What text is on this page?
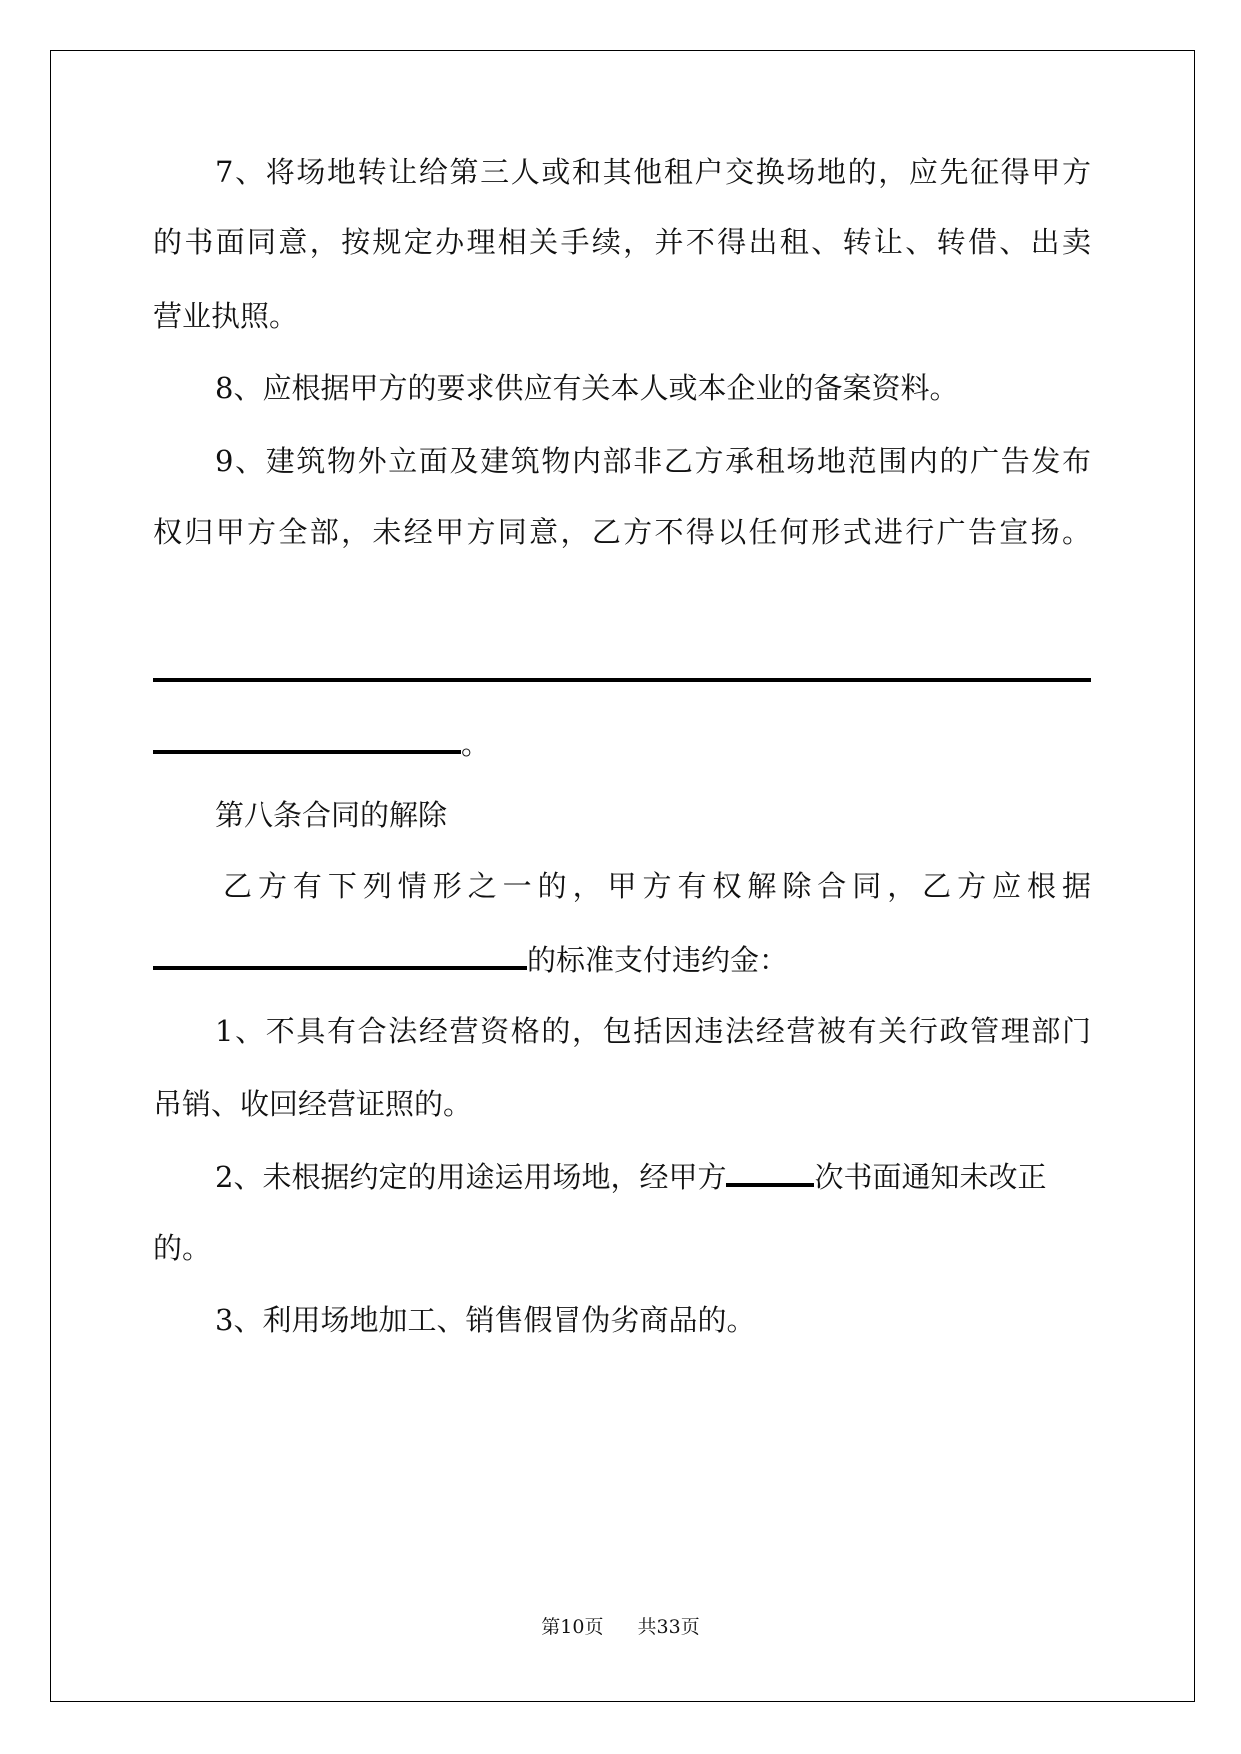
7、将场地转让给第三人或和其他租户交换场地的，应先征得甲方
的书面同意，按规定办理相关手续，并不得出租、转让、转借、出卖
营业执照。
8、应根据甲方的要求供应有关本人或本企业的备案资料。
9、建筑物外立面及建筑物内部非乙方承租场地范围内的广告发布
权归甲方全部，未经甲方同意，乙方不得以任何形式进行广告宣扬。
。
第八条合同的解除
乙方有下列情形之一的，甲方有权解除合同，乙方应根据
的标准支付违约金：
1、不具有合法经营资格的，包括因违法经营被有关行政管理部门
吊销、收回经营证照的。
2、未根据约定的用途运用场地，经甲方	次书面通知未改正
的。
3、利用场地加工、销售假冒伪劣商品的。
第10页 共33页
